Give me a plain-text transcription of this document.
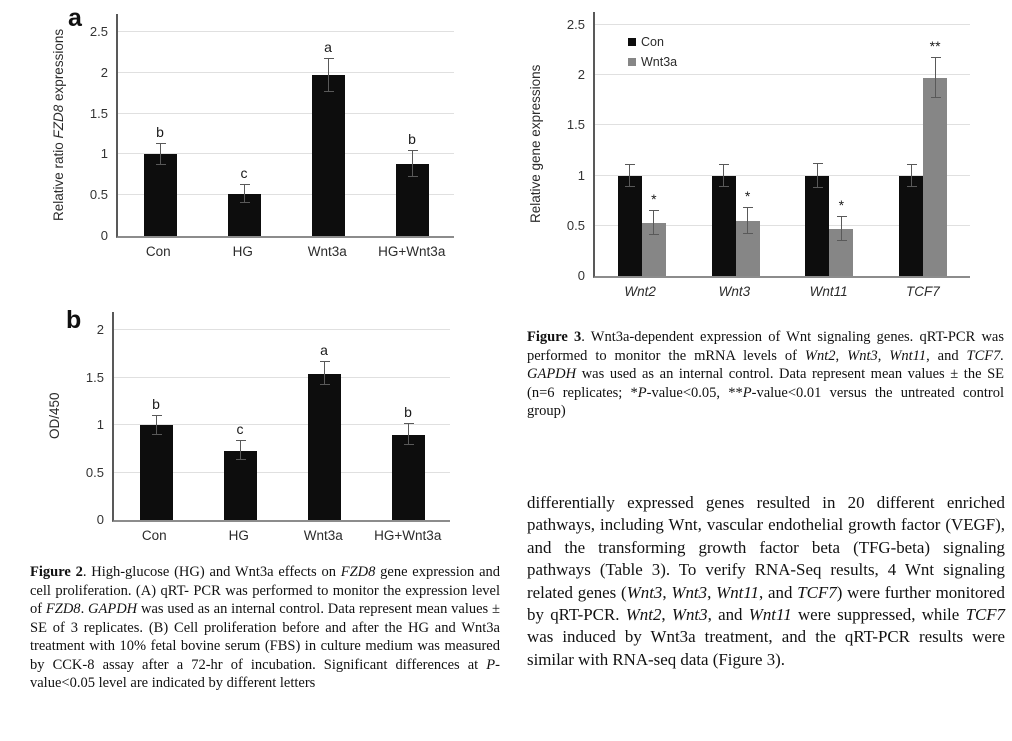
a
Relative ratio FZD8 expressions
0
0.5
1
1.5
2
2.5
b
c
a
b
Con	HG	Wnt3a	HG+Wnt3a
b
OD/450
0
0.5
1
1.5
2
b
c
a
b
Con	HG	Wnt3a	HG+Wnt3a

Figure 2. High-glucose (HG) and Wnt3a effects on FZD8 gene expression and cell proliferation. (A) qRT- PCR was performed to monitor the expression level of FZD8. GAPDH was used as an internal control. Data represent mean values ± SE of 3 replicates. (B) Cell proliferation before and after the HG and Wnt3a treatment with 10% fetal bovine serum (FBS) in culture medium was measured by CCK-8 assay after a 72-hr of incubation. Significant differences at P-value<0.05 level are indicated by different letters

Relative gene expressions
0
0.5
1
1.5
2
2.5
*	*
*
**
Con
Wnt3a
Wnt2	Wnt3	Wnt11	TCF7

Figure 3. Wnt3a-dependent expression of Wnt signaling genes. qRT-PCR was performed to monitor the mRNA levels of Wnt2, Wnt3, Wnt11, and TCF7. GAPDH was used as an internal control. Data represent mean values ± the SE (n=6 replicates; *P-value<0.05, **P-value<0.01 versus the untreated control group)

differentially expressed genes resulted in 20 different enriched pathways, including Wnt, vascular endothelial growth factor (VEGF), and the transforming growth factor beta (TFG-beta) signaling pathways (Table 3). To verify RNA-Seq results, 4 Wnt signaling related genes (Wnt3, Wnt3, Wnt11, and TCF7) were further monitored by qRT-PCR. Wnt2, Wnt3, and Wnt11 were suppressed, while TCF7 was induced by Wnt3a treatment, and the qRT-PCR results were similar with RNA-seq data (Figure 3).
